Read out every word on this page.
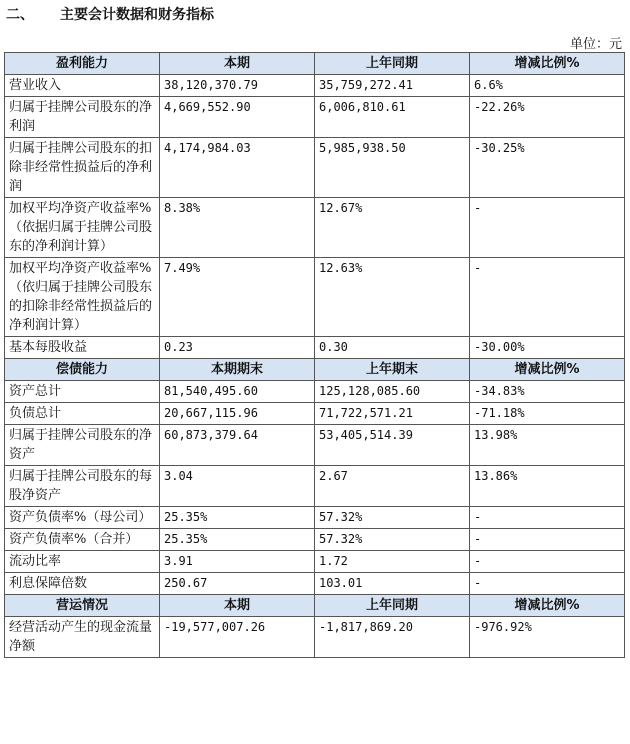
二、 主要会计数据和财务指标
单位：元
盈利能力	本期	上年同期	增减比例%
营业收入	38,120,370.79	35,759,272.41	6.6%
归属于挂牌公司股东的净利润	4,669,552.90	6,006,810.61	-22.26%
归属于挂牌公司股东的扣除非经常性损益后的净利润	4,174,984.03	5,985,938.50	-30.25%
加权平均净资产收益率%（依据归属于挂牌公司股东的净利润计算）	8.38%	12.67%	-
加权平均净资产收益率%（依归属于挂牌公司股东的扣除非经常性损益后的净利润计算）	7.49%	12.63%	-
基本每股收益	0.23	0.30	-30.00%
偿债能力	本期期末	上年期末	增减比例%
资产总计	81,540,495.60	125,128,085.60	-34.83%
负债总计	20,667,115.96	71,722,571.21	-71.18%
归属于挂牌公司股东的净资产	60,873,379.64	53,405,514.39	13.98%
归属于挂牌公司股东的每股净资产	3.04	2.67	13.86%
资产负债率%（母公司）	25.35%	57.32%	-
资产负债率%（合并）	25.35%	57.32%	-
流动比率	3.91	1.72	-
利息保障倍数	250.67	103.01	-
营运情况	本期	上年同期	增减比例%
经营活动产生的现金流量净额	-19,577,007.26	-1,817,869.20	-976.92%
